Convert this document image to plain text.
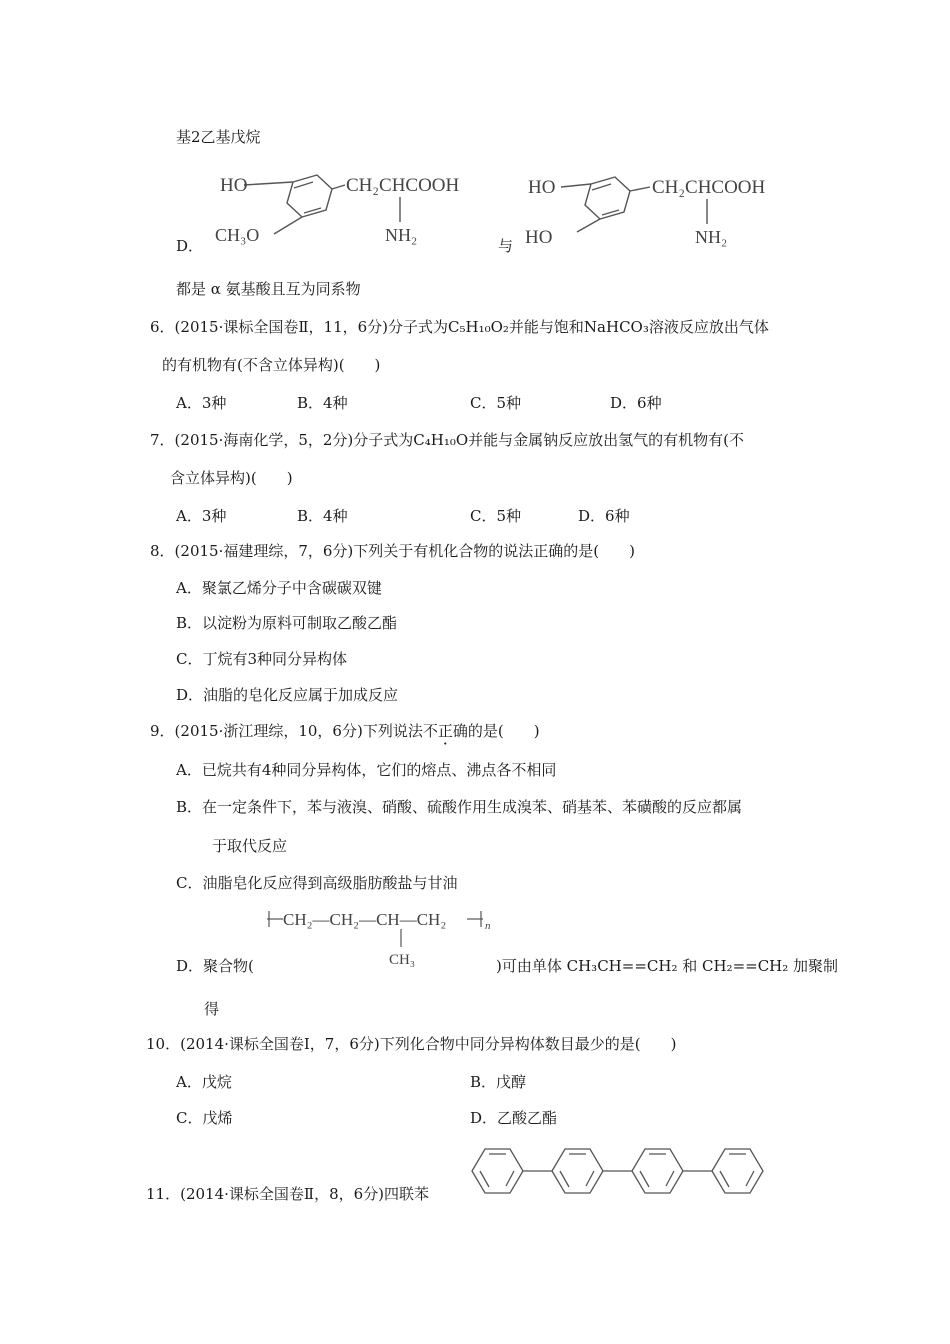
基2乙基戊烷
HO
CH₃O
CH₂CHCOOH
NH₂
D．	与
HO
HO
CH₂CHCOOH
NH₂
都是 α 氨基酸且互为同系物
6．(2015·课标全国卷Ⅱ，11，6分)分子式为C₅H₁₀O₂并能与饱和NaHCO₃溶液反应放出气体
的有机物有(不含立体异构)(　　)
A．3种	B．4种	C．5种	D．6种
7．(2015·海南化学，5，2分)分子式为C₄H₁₀O并能与金属钠反应放出氢气的有机物有(不
含立体异构)(　　)
A．3种	B．4种	C．5种	D．6种
8．(2015·福建理综，7，6分)下列关于有机化合物的说法正确的是(　　)
A．聚氯乙烯分子中含碳碳双键
B．以淀粉为原料可制取乙酸乙酯
C．丁烷有3种同分异构体
D．油脂的皂化反应属于加成反应
9．(2015·浙江理综，10，6分)下列说法不正确的是(　　)
A．已烷共有4种同分异构体，它们的熔点、沸点各不相同
B．在一定条件下，苯与液溴、硝酸、硫酸作用生成溴苯、硝基苯、苯磺酸的反应都属
于取代反应
C．油脂皂化反应得到高级脂肪酸盐与甘油
CH₂—CH₂—CH—CH₂	n
CH₃
D．聚合物(	)可由单体 CH₃CH==CH₂ 和 CH₂==CH₂ 加聚制
得
10．(2014·课标全国卷Ⅰ，7，6分)下列化合物中同分异构体数目最少的是(　　)
A．戊烷	B．戊醇
C．戊烯	D．乙酸乙酯
11．(2014·课标全国卷Ⅱ，8，6分)四联苯
